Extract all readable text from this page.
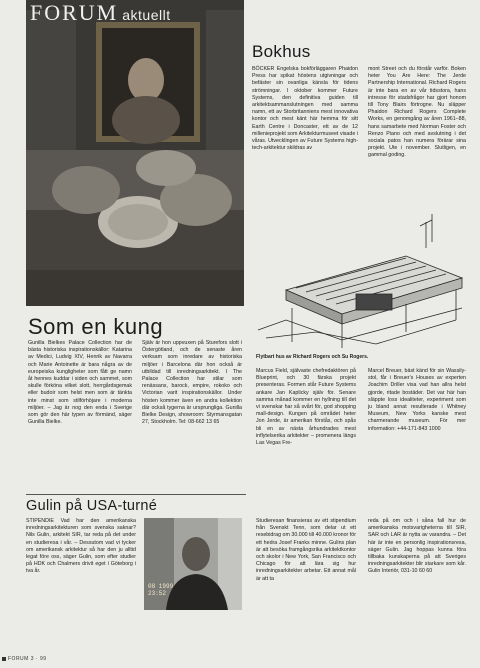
FORUM aktuellt
Bokhus

BÖCKER Engelska bokförläggaren Phaidon Press har spikat höstens utgivningar och befäster sin ovanliga känsla för tidens strömningar. I oktober kommer Future Systems, den definitiva guiden till arkitektsammanslutningen med samma namn, ett av Storbritanniens mest innovativa kontor och mest känt här hemma för sitt Earth Centre i Doncaster, ett av de 12 millenieprojekt som Arkitekturmuseet visade i våras. Utvecklingen av Future Systems high-tech-arkitektur skildras av

mont Street och du förstår varför. Boken heter You Are Here: The Jerde Partnership International. Richard Rogers är inte bara en av vår tidsstora, hans intresse för stadsfrågor har gjort honom till Tony Blairs förtrogne. Nu släpper Phaidon Richard Rogers Complete Works, en genomgång av åren 1961–88, hans samarbete med Norman Foster och Renzo Piano och med avslutning i det sociala patos han numera förärar sina projekt. Ute i november. Slutligen, en gammal goding.

Flytbart hus av Richard Rogers och Su Rogers.
Som en kung

Gunilla Bielkes Palace Collection har de bästa historiska inspirationskällor: Katarina av Medici, Ludvig XIV, Henrik av Navarra och Marie Antoinette är bara några av de europeiska kungligheter som fått ge namn åt hennes kuddar i siden och sammet, som skulle förköna vilket slott, herrgårdsgemak eller budoir som helst men som är tänkta inte minst som stilförhöjare i moderna miljöer. – Jag är nog den enda i Sverige som gör den här typen av förmänd, säger Gunilla Bielke.

Själv är hon uppvuxen på Sturefors slott i Östergötland, och de senaste åren verksam som inredare av historiska miljöer i Barcelona där hon också är utbildad till inredningsarkitekt. I The Palace Collection har stilar som renässans, barock, empire, rokoko och Victorian varit inspirationskällor. Under hösten kommer även en andra kollektion där också tygerna är ursprungliga. Gunilla Bielke Design, showroom: Styrmansgatan 27, Stockholm. Tel: 08-662 13 65

Marcus Field, självaste chefredaktören på Blueprint, och 30 färska projekt presenteras. Formen står Future Systems ankare Jan Kaplicky själv för. Senare samma månad kommer en hyllning till det vi svenskar har så svårt för, god shopping mall-design. Kungen på området heter Jon Jerde, är amerikan förstås, och spås bli en av nästa århundrades mest inflytelserika arkitekter – promenera längs Las Vegas Fre-

Marcel Breuer, bäst känd för sin Wassily-stol, får i Breuer's Houses av experten Joachim Driller visa vad han allra helst gjorde, ritade bostäder. Det var här han släppte loss idealiteter, experiment som ju bland annat resulterade i Whitney Museum, New Yorks kanske mest charmerande museum. För mer information: +44-171-843 1000

Gulin på USA-turné

STIPENDIE Vad har den amerikanska inredningsarkitekturen som svenska saknar? Nils Gulin, arkitekt SIR, tar reda på det under en studieresa i vår. – Dessutom vad vi tycker om amerikansk arkitektur så har den ju alltid legat före oss, säger Gulin, som efter studier på HDK och Chalmers drivit eget i Göteborg i tva år.

08 1999
23:52

Studieresan finansieras av ett stipendium från Svenskt Tenn, som delar ut ett resebidrag om 30.000 till 40.000 kronor för ett hedra Josef Franks minne. Gulins plan är att besöka framgångsrika arkitektkontor och skolor i New York, San Francisco och Chicago för att lära sig hur inredningsarkitekter arbetar. Ett annat mål är att ta

reda på om och i såna fall hur de amerikanska motsvarigheterna till SIR, SAR och LAR är nytta av varandra. – Det här är inte en personlig inspirationsresa, säger Gulin. Jag hoppas kunna föra tillbaka kunskaperna på att Sveriges inredningsarkitekter blir starkare som kår. Gulin Interiör, 031-10 60 60

FORUM 3 · 99
